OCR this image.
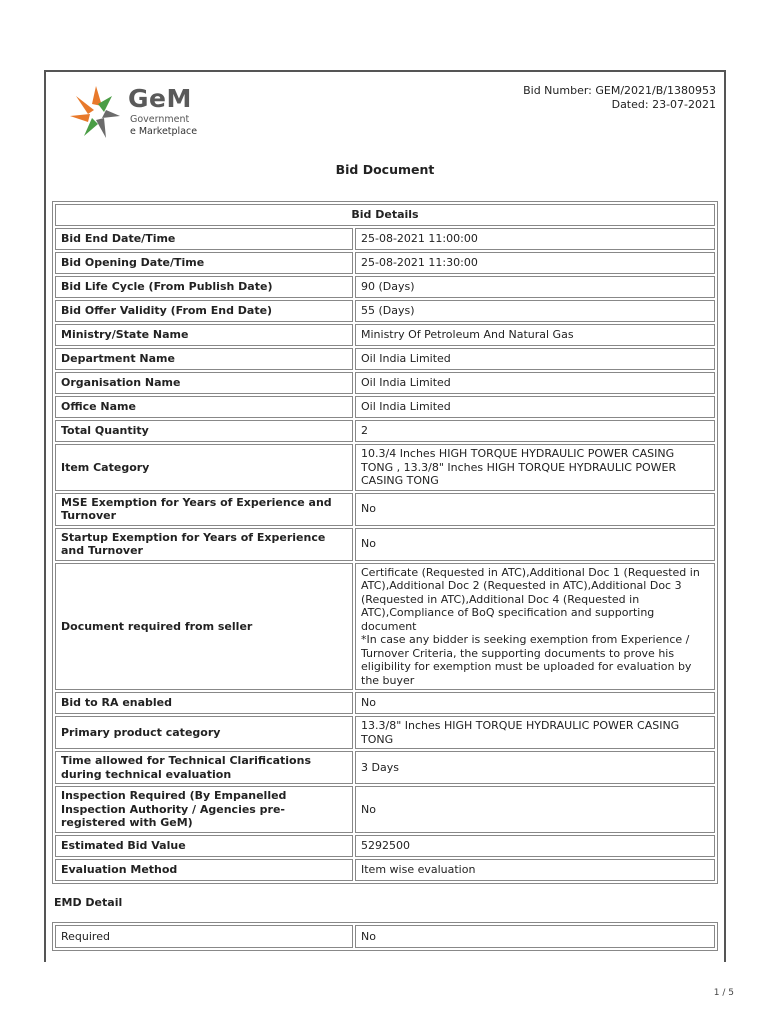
GeM
Government
e Marketplace
Bid Number: GEM/2021/B/1380953
Dated: 23-07-2021
Bid Document
Bid Details	
Bid End Date/Time	25-08-2021 11:00:00
Bid Opening Date/Time	25-08-2021 11:30:00
Bid Life Cycle (From Publish Date)	90 (Days)
Bid Offer Validity (From End Date)	55 (Days)
Ministry/State Name	Ministry Of Petroleum And Natural Gas
Department Name	Oil India Limited
Organisation Name	Oil India Limited
Office Name	Oil India Limited
Total Quantity	2
Item Category	10.3/4 Inches HIGH TORQUE HYDRAULIC POWER CASING TONG , 13.3/8" Inches HIGH TORQUE HYDRAULIC POWER CASING TONG
MSE Exemption for Years of Experience and Turnover	No
Startup Exemption for Years of Experience and Turnover	No
Document required from seller	Certificate (Requested in ATC),Additional Doc 1 (Requested in ATC),Additional Doc 2 (Requested in ATC),Additional Doc 3 (Requested in ATC),Additional Doc 4 (Requested in ATC),Compliance of BoQ specification and supporting document
*In case any bidder is seeking exemption from Experience / Turnover Criteria, the supporting documents to prove his eligibility for exemption must be uploaded for evaluation by the buyer

Bid to RA enabled	No
Primary product category	13.3/8" Inches HIGH TORQUE HYDRAULIC POWER CASING TONG
Time allowed for Technical Clarifications during technical evaluation	3 Days
Inspection Required (By Empanelled Inspection Authority / Agencies pre-registered with GeM)	No
Estimated Bid Value	5292500
Evaluation Method	Item wise evaluation
EMD Detail
Required	No
1 / 5
